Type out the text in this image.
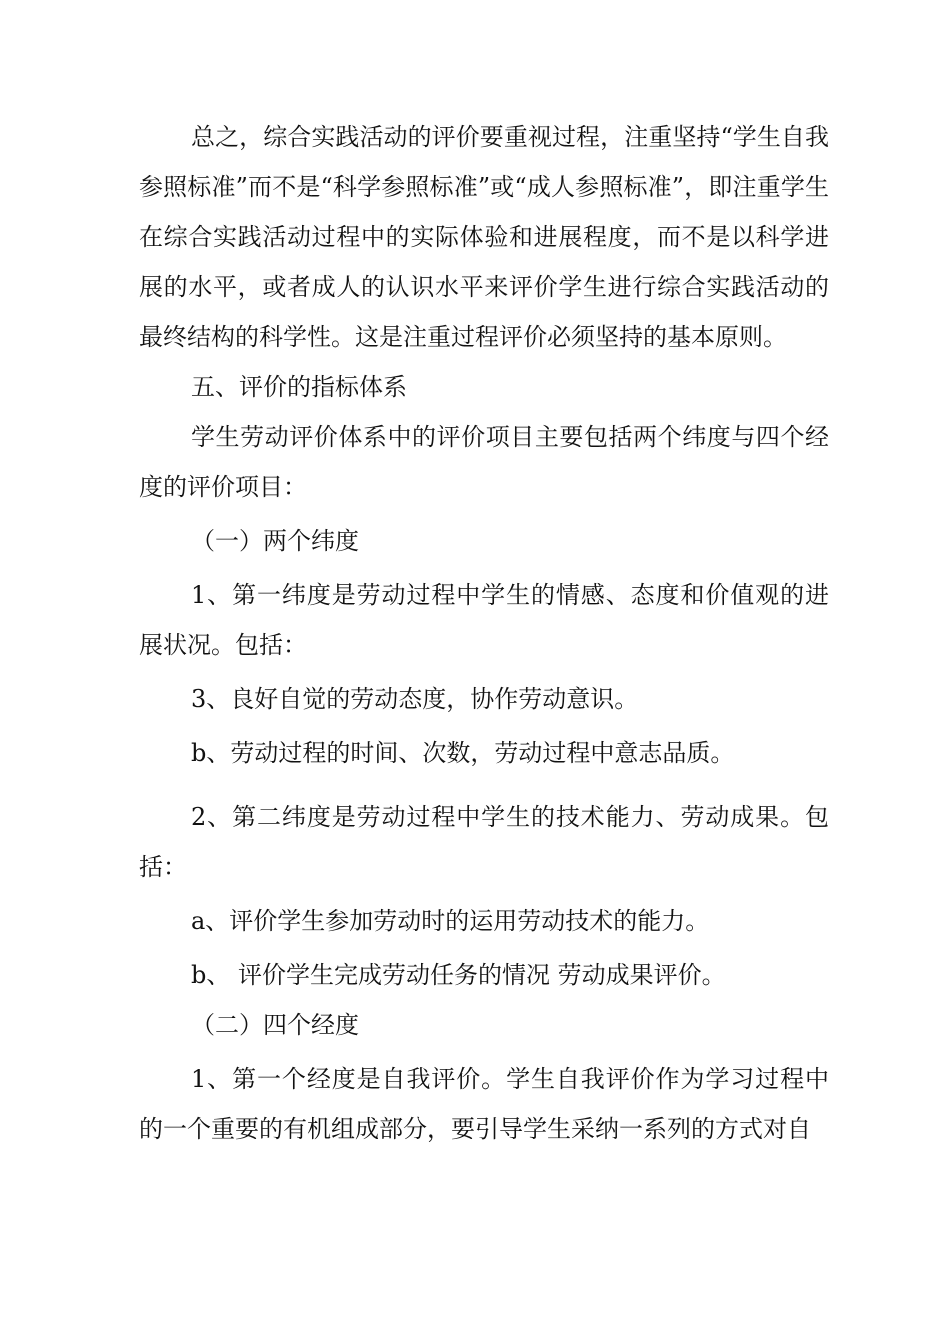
总之，综合实践活动的评价要重视过程，注重坚持“学生自我参照标准”而不是“科学参照标准”或“成人参照标准”，即注重学生在综合实践活动过程中的实际体验和进展程度，而不是以科学进展的水平，或者成人的认识水平来评价学生进行综合实践活动的最终结构的科学性。这是注重过程评价必须坚持的基本原则。

五、评价的指标体系

学生劳动评价体系中的评价项目主要包括两个纬度与四个经度的评价项目：

（一）两个纬度

1、第一纬度是劳动过程中学生的情感、态度和价值观的进展状况。包括：

3、良好自觉的劳动态度，协作劳动意识。

b、劳动过程的时间、次数，劳动过程中意志品质。

2、第二纬度是劳动过程中学生的技术能力、劳动成果。包括：

a、评价学生参加劳动时的运用劳动技术的能力。

b、 评价学生完成劳动任务的情况 劳动成果评价。

（二）四个经度

1、第一个经度是自我评价。学生自我评价作为学习过程中的一个重要的有机组成部分，要引导学生采纳一系列的方式对自
